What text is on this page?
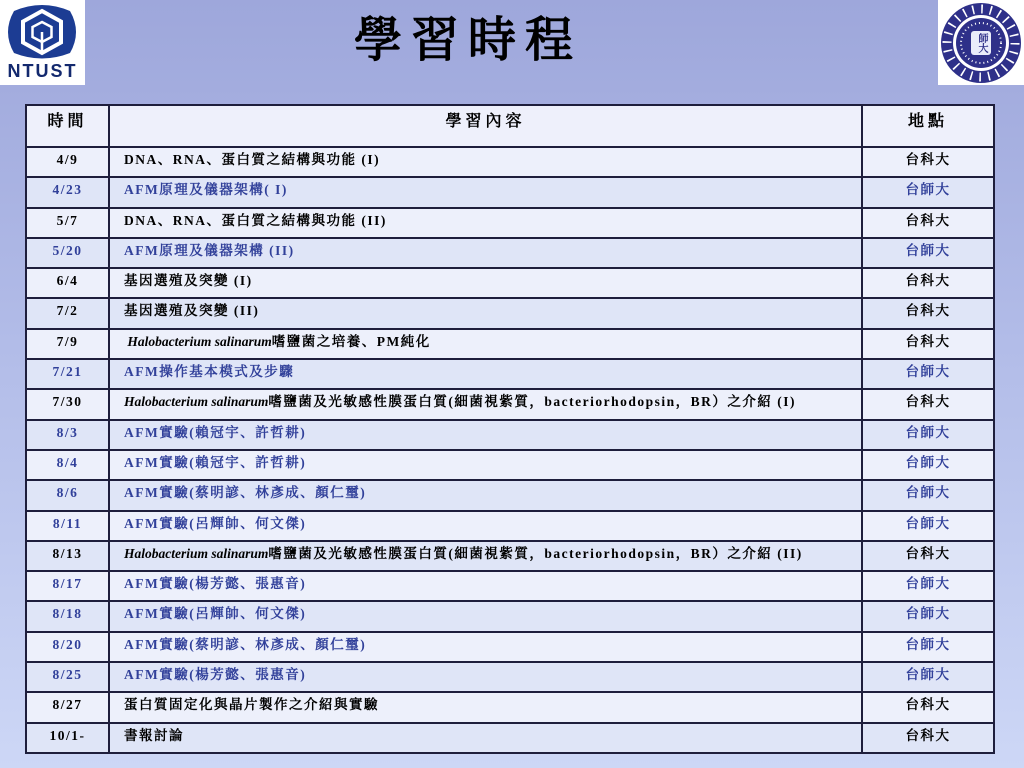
NTUST
學習時程	師大
時間	學習內容	地點
4/9	DNA、RNA、蛋白質之結構與功能 (I)	台科大
4/23	AFM原理及儀器架構( I)	台師大
5/7	DNA、RNA、蛋白質之結構與功能 (II)	台科大
5/20	AFM原理及儀器架構 (II)	台師大
6/4	基因選殖及突變 (I)	台科大
7/2	基因選殖及突變 (II)	台科大
7/9	Halobacterium salinarum嗜鹽菌之培養、PM純化	台科大
7/21	AFM操作基本模式及步驟	台師大
7/30	Halobacterium salinarum嗜鹽菌及光敏感性膜蛋白質(細菌視紫質，bacteriorhodopsin，BR）之介紹 (I)	台科大
8/3	AFM實驗(賴冠宇、許哲耕)	台師大
8/4	AFM實驗(賴冠宇、許哲耕)	台師大
8/6	AFM實驗(蔡明諺、林彥成、顏仁璽)	台師大
8/11	AFM實驗(呂輝帥、何文傑)	台師大
8/13	Halobacterium salinarum嗜鹽菌及光敏感性膜蛋白質(細菌視紫質，bacteriorhodopsin，BR）之介紹 (II)	台科大
8/17	AFM實驗(楊芳懿、張惠音)	台師大
8/18	AFM實驗(呂輝帥、何文傑)	台師大
8/20	AFM實驗(蔡明諺、林彥成、顏仁璽)	台師大
8/25	AFM實驗(楊芳懿、張惠音)	台師大
8/27	蛋白質固定化與晶片製作之介紹與實驗	台科大
10/1-	書報討論	台科大
